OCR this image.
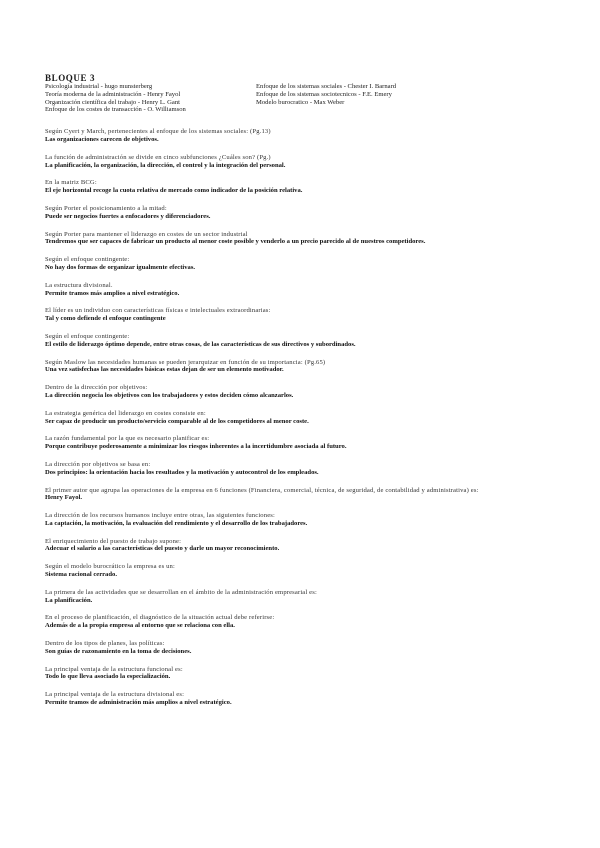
BLOQUE 3
Psicología industrial - hugo munsterberg	Enfoque de los sistemas sociales - Chester I. Barnard
Teoría moderna de la administración - Henry Fayol	Enfoque de los sistemas sociotecnicos - F.E. Emery
Organización científica del trabajo - Henry L. Gant	Modelo burocratico - Max Weber
Enfoque de los costes de transacción - O. Williamson
Según Cyert y March, pertenecientes al enfoque de los sistemas sociales: (Pg.13)
Las organizaciones carecen de objetivos.
La función de administración se divide en cinco subfunciones ¿Cuáles son? (Pg.)
La planificación, la organización, la dirección, el control y la integración del personal.
En la matriz BCG:
El eje horizontal recoge la cuota relativa de mercado como indicador de la posición relativa.
Según Porter el posicionamiento a la mitad:
Puede ser negocios fuertes a enfocadores y diferenciadores.
Según Porter para mantener el liderazgo en costes de un sector industrial
Tendremos que ser capaces de fabricar un producto al menor coste posible y venderlo a un precio parecido al de nuestros competidores.
Según el enfoque contingente:
No hay dos formas de organizar igualmente efectivas.
La estructura divisional.
Permite tramos más amplios a nivel estratégico.
El líder es un individuo con características físicas e intelectuales extraordinarias:
Tal y como defiende el enfoque contingente
Según el enfoque contingente:
El estilo de liderazgo óptimo depende, entre otras cosas, de las características de sus directivos y subordinados.
Según Maslow las necesidades humanas se pueden jerarquizar en función de su importancia: (Pg.65)
Una vez satisfechas las necesidades básicas estas dejan de ser un elemento motivador.
Dentro de la dirección por objetivos:
La dirección negocia los objetivos con los trabajadores y estos deciden cómo alcanzarlos.
La estrategia genérica del liderazgo en costes consiste en:
Ser capaz de producir un producto/servicio comparable al de los competidores al menor coste.
La razón fundamental por la que es necesario planificar es:
Porque contribuye poderosamente a minimizar los riesgos inherentes a la incertidumbre asociada al futuro.
La dirección por objetivos se basa en:
Dos principios: la orientación hacia los resultados y la motivación y autocontrol de los empleados.
El primer autor que agrupa las operaciones de la empresa en 6 funciones (Financiera, comercial, técnica, de seguridad, de contabilidad y administrativa) es:
Henry Fayol.
La dirección de los recursos humanos incluye entre otras, las siguientes funciones:
La captación, la motivación, la evaluación del rendimiento y el desarrollo de los trabajadores.
El enriquecimiento del puesto de trabajo supone:
Adecuar el salario a las características del puesto y darle un mayor reconocimiento.
Según el modelo burocrático la empresa es un:
Sistema racional cerrado.
La primera de las actividades que se desarrollan en el ámbito de la administración empresarial es:
La planificación.
En el proceso de planificación, el diagnóstico de la situación actual debe referirse:
Además de a la propia empresa al entorno que se relaciona con ella.
Dentro de los tipos de planes, las políticas:
Son guías de razonamiento en la toma de decisiones.
La principal ventaja de la estructura funcional es:
Todo lo que lleva asociado la especialización.
La principal ventaja de la estructura divisional es:
Permite tramos de administración más amplios a nivel estratégico.
